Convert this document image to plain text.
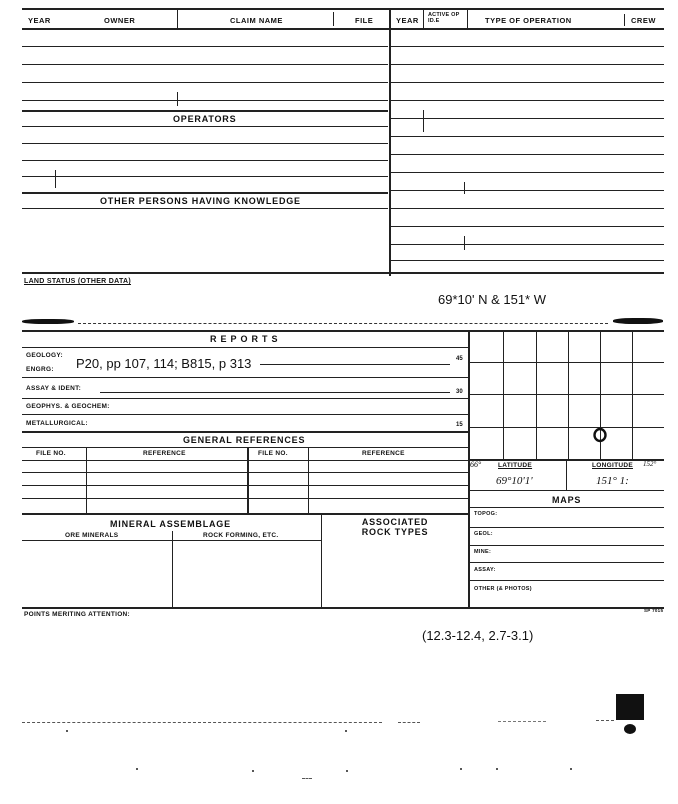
YEAR	OWNER	CLAIM NAME	FILE	YEAR
ACTIVE OP ID.E	TYPE OF OPERATION	CREW
OPERATORS
OTHER PERSONS HAVING KNOWLEDGE
LAND STATUS (OTHER DATA)
69*10' N & 151* W
REPORTS
GEOLOGY:
P20, pp 107, 114; B815, p 313
ENGRG:
45
ASSAY & IDENT:	30
GEOPHYS. & GEOCHEM:
METALLURGICAL:	15
GENERAL REFERENCES
FILE NO.	REFERENCE	FILE NO.	REFERENCE
MINERAL ASSEMBLAGE
ORE MINERALS	ROCK FORMING, ETC.
ASSOCIATED ROCK TYPES
66°	LATITUDE	LONGITUDE 152°
69°10'1'	151° 1:
MAPS
TOPOG:
GEOL:
MINE:
ASSAY:
OTHER (& PHOTOS)
POINTS MERITING ATTENTION:
SP 7015
(12.3-12.4, 2.7-3.1)
